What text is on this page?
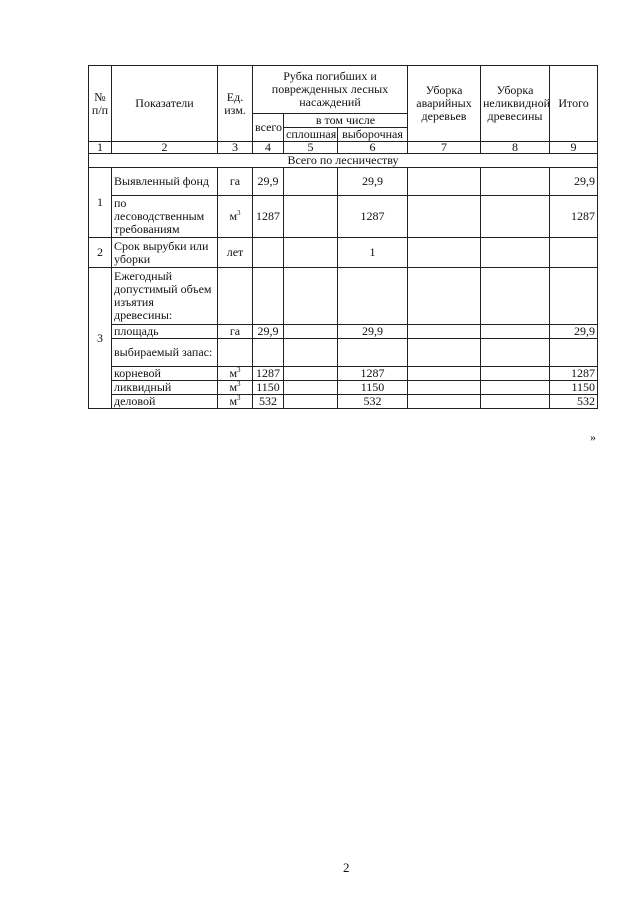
№ п/п	Показатели	Ед. изм.	Рубка погибших и поврежденных лесных насаждений			Уборка аварийных деревьев	Уборка неликвидной древесины	Итого
			всего	в том числе				
				сплошная	выборочная			
1	2	3	4	5	6	7	8	9
Всего по лесничеству								
1	Выявленный фонд	га	29,9		29,9			29,9
	по лесоводственным требованиям	$м^3$	1287		1287			1287
2	Срок вырубки или уборки	лет			1			
3	Ежегодный допустимый объем изъятия древесины:							
	площадь	га	29,9		29,9			29,9
	выбираемый запас:							
	корневой	$м^3$	1287		1287			1287
	ликвидный	$м^3$	1150		1150			1150
	деловой	$м^3$	532		532			532
»
2
